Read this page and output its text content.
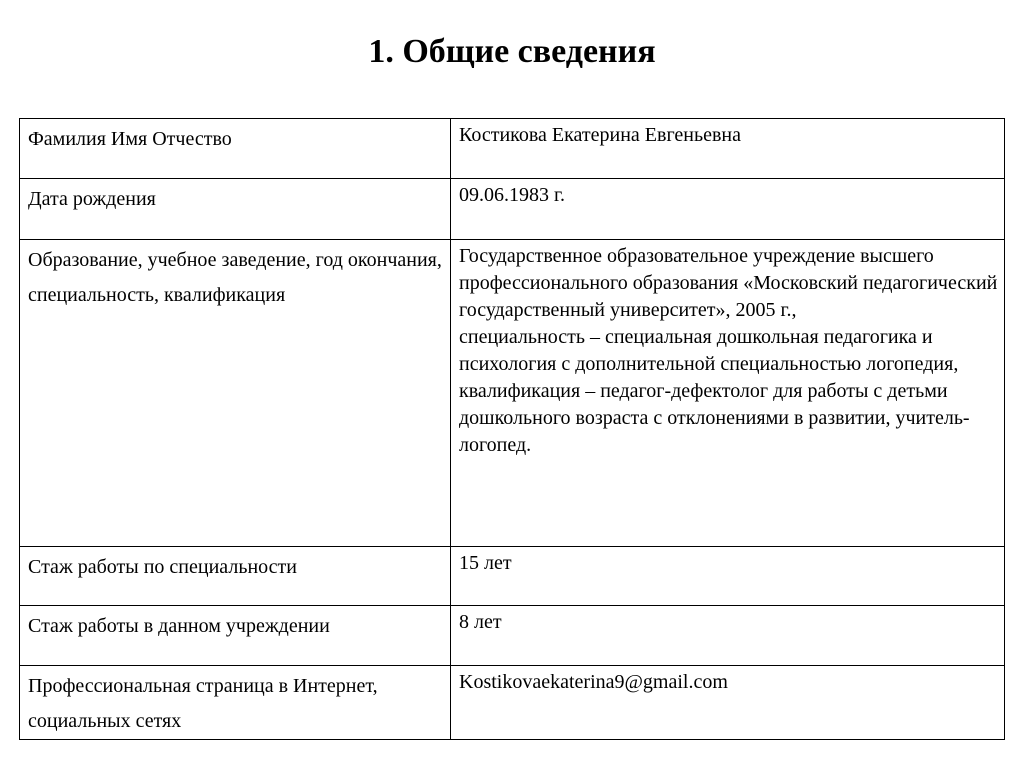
1. Общие сведения
Фамилия Имя Отчество	Костикова Екатерина Евгеньевна

Дата рождения	09.06.1983 г.

Образование, учебное заведение, год окончания, специальность, квалификация	Государственное образовательное учреждение высшего профессионального образования «Московский педагогический государственный университет», 2005 г.,
специальность – специальная дошкольная педагогика и психология с дополнительной специальностью логопедия, квалификация – педагог-дефектолог для работы с детьми дошкольного возраста с отклонениями в развитии, учитель-логопед.

Стаж работы по специальности	15 лет

Стаж работы в данном учреждении	8 лет

Профессиональная страница в Интернет, социальных сетях	Kostikovaekaterina9@gmail.com
